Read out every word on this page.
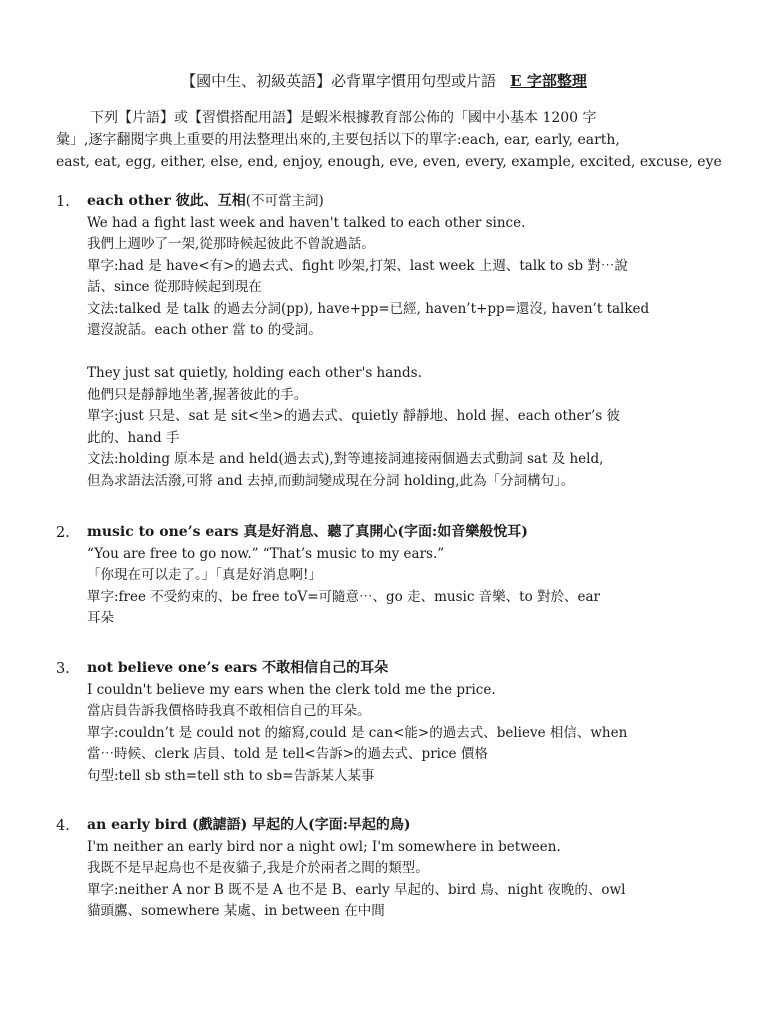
【國中生、初級英語】必背單字慣用句型或片語 E 字部整理
下列【片語】或【習慣搭配用語】是蝦米根據教育部公佈的「國中小基本 1200 字
彙」,逐字翻閱字典上重要的用法整理出來的,主要包括以下的單字:each, ear, early, earth,
east, eat, egg, either, else, end, enjoy, enough, eve, even, every, example, excited, excuse, eye
1. each other 彼此、互相(不可當主詞)
We had a fight last week and haven't talked to each other since.
我們上週吵了一架,從那時候起彼此不曾說過話。
單字:had 是 have<有>的過去式、fight 吵架,打架、last week 上週、talk to sb 對⋯說
話、since 從那時候起到現在
文法:talked 是 talk 的過去分詞(pp), have+pp=已經, haven’t+pp=還沒, haven’t talked
還沒說話。each other 當 to 的受詞。
They just sat quietly, holding each other's hands.
他們只是靜靜地坐著,握著彼此的手。
單字:just 只是、sat 是 sit<坐>的過去式、quietly 靜靜地、hold 握、each other’s 彼
此的、hand 手
文法:holding 原本是 and held(過去式),對等連接詞連接兩個過去式動詞 sat 及 held,
但為求語法活潑,可將 and 去掉,而動詞變成現在分詞 holding,此為「分詞構句」。
2. music to one’s ears 真是好消息、聽了真開心(字面:如音樂般悅耳)
“You are free to go now.” “That’s music to my ears.”
「你現在可以走了。」「真是好消息啊!」
單字:free 不受約束的、be free toV=可隨意⋯、go 走、music 音樂、to 對於、ear
耳朵
3. not believe one’s ears 不敢相信自己的耳朵
I couldn't believe my ears when the clerk told me the price.
當店員告訴我價格時我真不敢相信自己的耳朵。
單字:couldn’t 是 could not 的縮寫,could 是 can<能>的過去式、believe 相信、when
當⋯時候、clerk 店員、told 是 tell<告訴>的過去式、price 價格
句型:tell sb sth=tell sth to sb=告訴某人某事
4. an early bird (戲謔語) 早起的人(字面:早起的鳥)
I'm neither an early bird nor a night owl; I'm somewhere in between.
我既不是早起鳥也不是夜貓子,我是介於兩者之間的類型。
單字:neither A nor B 既不是 A 也不是 B、early 早起的、bird 鳥、night 夜晚的、owl
貓頭鷹、somewhere 某處、in between 在中間
